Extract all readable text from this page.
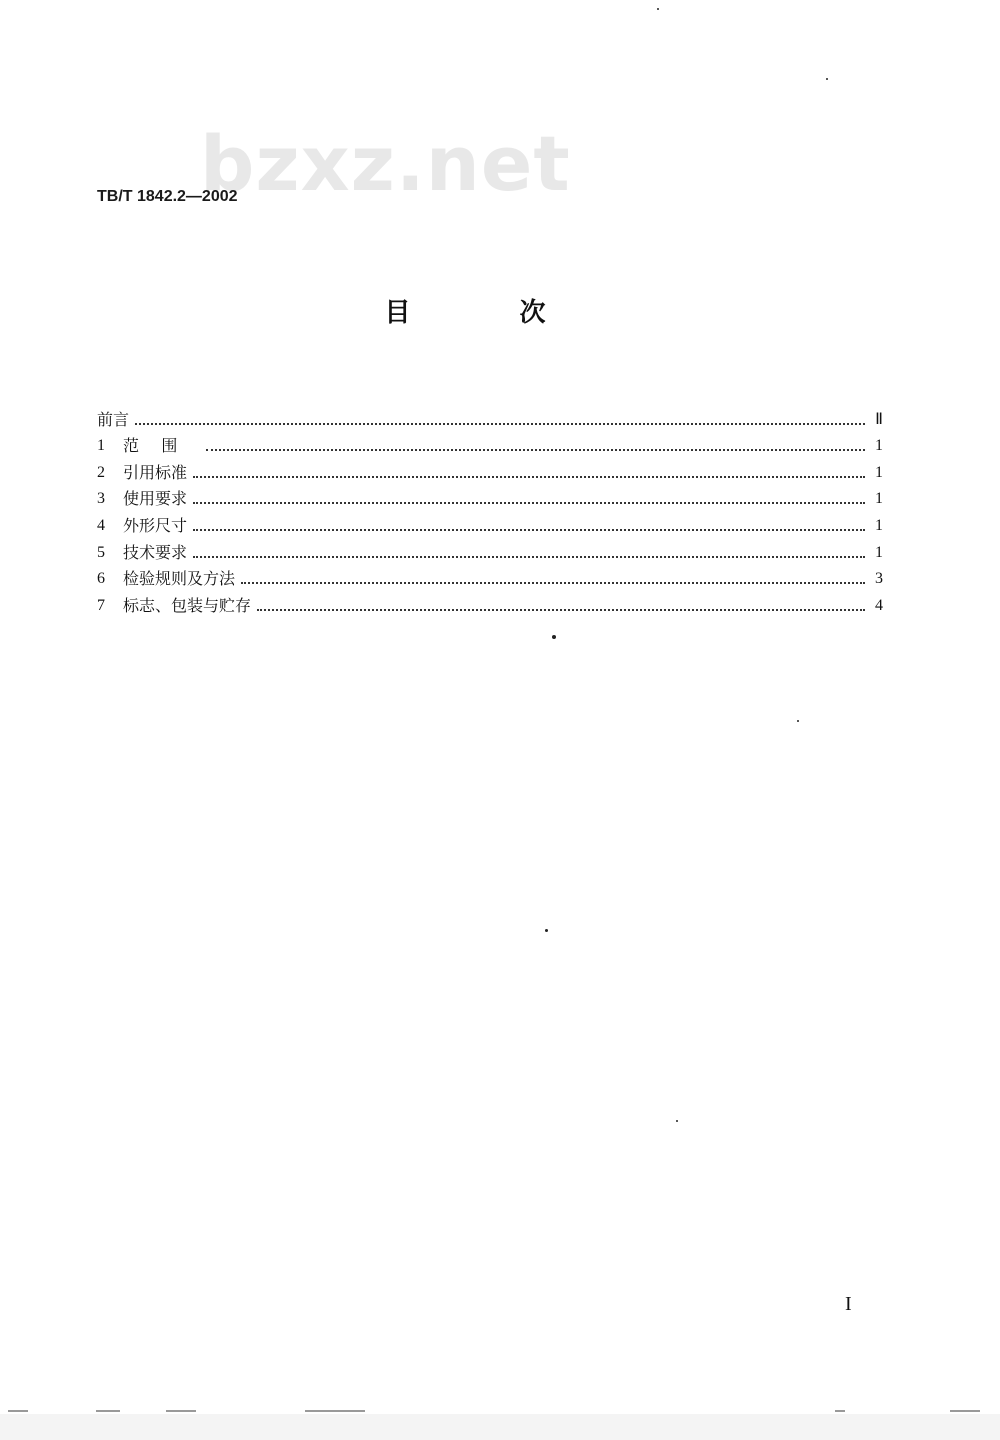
bzxz.net
TB/T 1842.2—2002
目 次
前言	Ⅱ
1	范围	1
2	引用标准	1
3	使用要求	1
4	外形尺寸	1
5	技术要求	1
6	检验规则及方法	3
7	标志、包装与贮存	4
I
